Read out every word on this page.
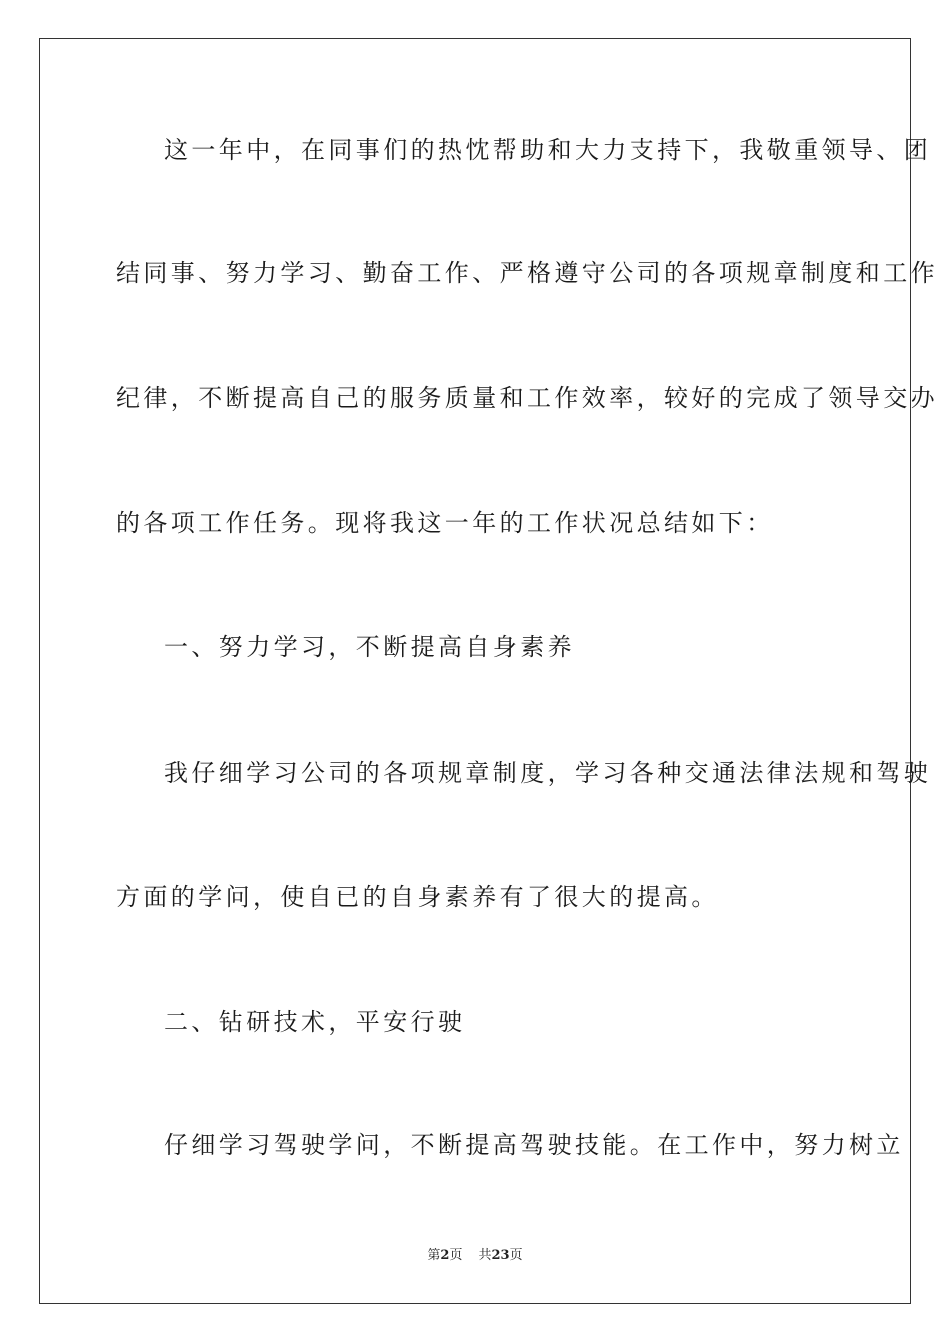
这一年中，在同事们的热忱帮助和大力支持下，我敬重领导、团
结同事、努力学习、勤奋工作、严格遵守公司的各项规章制度和工作
纪律，不断提高自己的服务质量和工作效率，较好的完成了领导交办
的各项工作任务。现将我这一年的工作状况总结如下：
一、努力学习，不断提高自身素养
我仔细学习公司的各项规章制度，学习各种交通法律法规和驾驶
方面的学问，使自已的自身素养有了很大的提高。
二、钻研技术，平安行驶
仔细学习驾驶学问，不断提高驾驶技能。在工作中，努力树立
第2页 共23页
